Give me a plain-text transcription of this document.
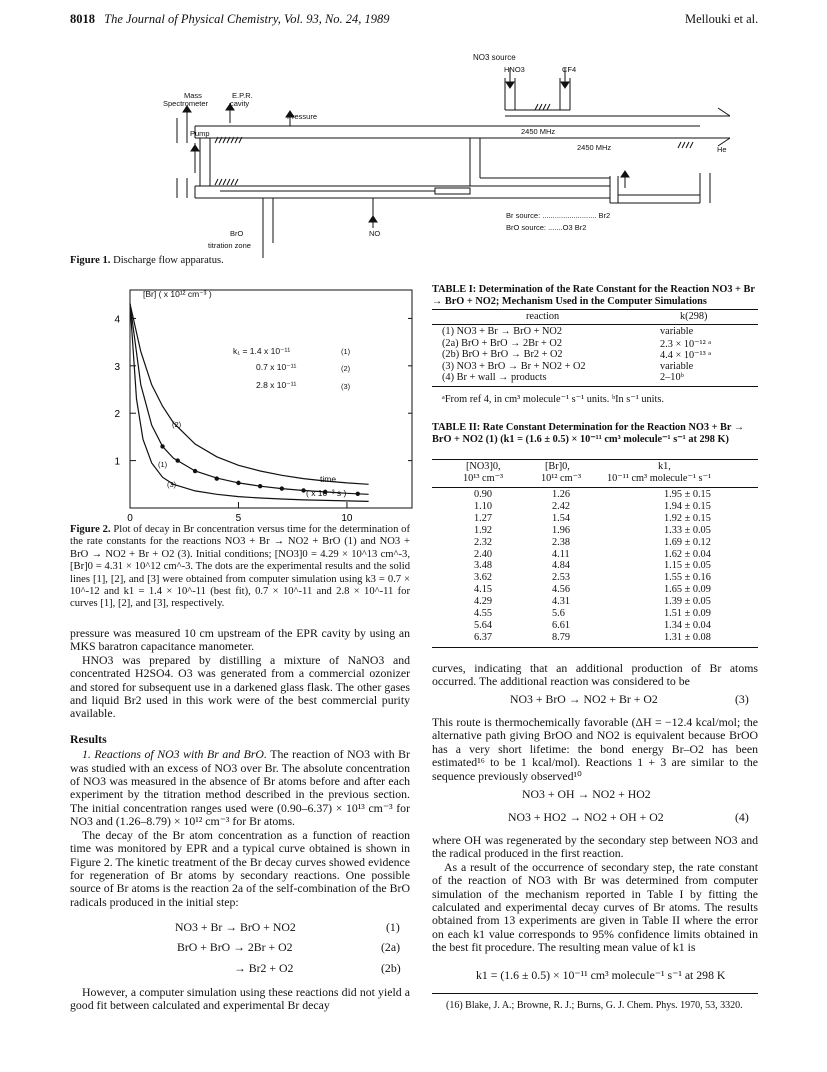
8018 The Journal of Physical Chemistry, Vol. 93, No. 24, 1989	Mellouki et al.
NO3 source
HNO3	CF4
Mass
Spectrometer
E.P.R.
cavity
Pressure
Pump	2450 MHz
2450 MHz	He
Br source: .......................... Br2
BrO source: .......O3 Br2
BrO
titration zone
NO
Figure 1. Discharge flow apparatus.
1
2
3
4
0	5	10
[Br] ( x 10¹² cm⁻³ )
k₁ = 1.4 x 10⁻¹¹
0.7 x 10⁻¹¹
2.8 x 10⁻¹¹
(1)
(2)
(3)
time
( x 10⁻³ s )
(2)
(1)
(3)
Figure 2. Plot of decay in Br concentration versus time for the determination of the rate constants for the reactions NO3 + Br → NO2 + BrO (1) and NO3 + BrO → NO2 + Br + O2 (3). Initial conditions; [NO3]0 = 4.29 × 10^13 cm^-3, [Br]0 = 4.31 × 10^12 cm^-3. The dots are the experimental results and the solid lines [1], [2], and [3] were obtained from computer simulation using k3 = 0.7 × 10^-12 and k1 = 1.4 × 10^-11 (best fit), 0.7 × 10^-11 and 2.8 × 10^-11 for curves [1], [2], and [3], respectively.

pressure was measured 10 cm upstream of the EPR cavity by using an MKS baratron capacitance manometer.

HNO3 was prepared by distilling a mixture of NaNO3 and concentrated H2SO4. O3 was generated from a commercial ozonizer and stored for subsequent use in a darkened glass flask. The other gases and liquid Br2 used in this work were of the best commercial purity available.

Results

1. Reactions of NO3 with Br and BrO. The reaction of NO3 with Br was studied with an excess of NO3 over Br. The absolute concentration of NO3 was measured in the absence of Br atoms before and after each experiment by the titration method described in the previous section. The initial concentration ranges used were (0.90–6.37) × 10¹³ cm⁻³ for NO3 and (1.26–8.79) × 10¹² cm⁻³ for Br atoms.

The decay of the Br atom concentration as a function of reaction time was monitored by EPR and a typical curve obtained is shown in Figure 2. The kinetic treatment of the Br decay curves showed evidence for regeneration of Br atoms by secondary reactions. One possible source of Br atoms is the reaction 2a of the self-combination of the BrO radicals produced in the initial step:

NO3 + Br → BrO + NO2	(1)
BrO + BrO → 2Br + O2	(2a)
→ Br2 + O2	(2b)

However, a computer simulation using these reactions did not yield a good fit between calculated and experimental Br decay

TABLE I: Determination of the Rate Constant for the Reaction NO3 + Br → BrO + NO2; Mechanism Used in the Computer Simulations
reaction	k(298)
(1) NO3 + Br → BrO + NO2	variable
(2a) BrO + BrO → 2Br + O2	2.3 × 10⁻¹² ᵃ
(2b) BrO + BrO → Br2 + O2	4.4 × 10⁻¹³ ᵃ
(3) NO3 + BrO → Br + NO2 + O2	variable
(4) Br + wall → products	2–10ᵇ
ᵃFrom ref 4, in cm³ molecule⁻¹ s⁻¹ units. ᵇIn s⁻¹ units.
TABLE II: Rate Constant Determination for the Reaction NO3 + Br → BrO + NO2 (1) (k1 = (1.6 ± 0.5) × 10⁻¹¹ cm³ molecule⁻¹ s⁻¹ at 298 K)
[NO3]0,	[Br]0,	k1,
10¹³ cm⁻³	10¹² cm⁻³	10⁻¹¹ cm³ molecule⁻¹ s⁻¹
0.90	1.26	1.95 ± 0.15
1.10	2.42	1.94 ± 0.15
1.27	1.54	1.92 ± 0.15
1.92	1.96	1.33 ± 0.05
2.32	2.38	1.69 ± 0.12
2.40	4.11	1.62 ± 0.04
3.48	4.84	1.15 ± 0.05
3.62	2.53	1.55 ± 0.16
4.15	4.56	1.65 ± 0.09
4.29	4.31	1.39 ± 0.05
4.55	5.6	1.51 ± 0.09
5.64	6.61	1.34 ± 0.04
6.37	8.79	1.31 ± 0.08

curves, indicating that an additional production of Br atoms occurred. The additional reaction was considered to be

NO3 + BrO → NO2 + Br + O2	(3)

This route is thermochemically favorable (ΔH = −12.4 kcal/mol; the alternative path giving BrOO and NO2 is equivalent because BrOO has a very short lifetime: the bond energy Br–O2 has been estimated¹⁶ to be 1 kcal/mol). Reactions 1 + 3 are similar to the sequence previously observed¹⁰

NO3 + OH → NO2 + HO2
NO3 + HO2 → NO2 + OH + O2	(4)

where OH was regenerated by the secondary step between NO3 and the radical produced in the first reaction.

As a result of the occurrence of secondary step, the rate constant of the reaction of NO3 with Br was determined from computer simulation of the mechanism reported in Table I by fitting the calculated and experimental decay curves of Br atoms. The results obtained from 13 experiments are given in Table II where the error on each k1 value corresponds to 95% confidence limits obtained in the best fit procedure. The resulting mean value of k1 is

k1 = (1.6 ± 0.5) × 10⁻¹¹ cm³ molecule⁻¹ s⁻¹ at 298 K
(16) Blake, J. A.; Browne, R. J.; Burns, G. J. Chem. Phys. 1970, 53, 3320.
